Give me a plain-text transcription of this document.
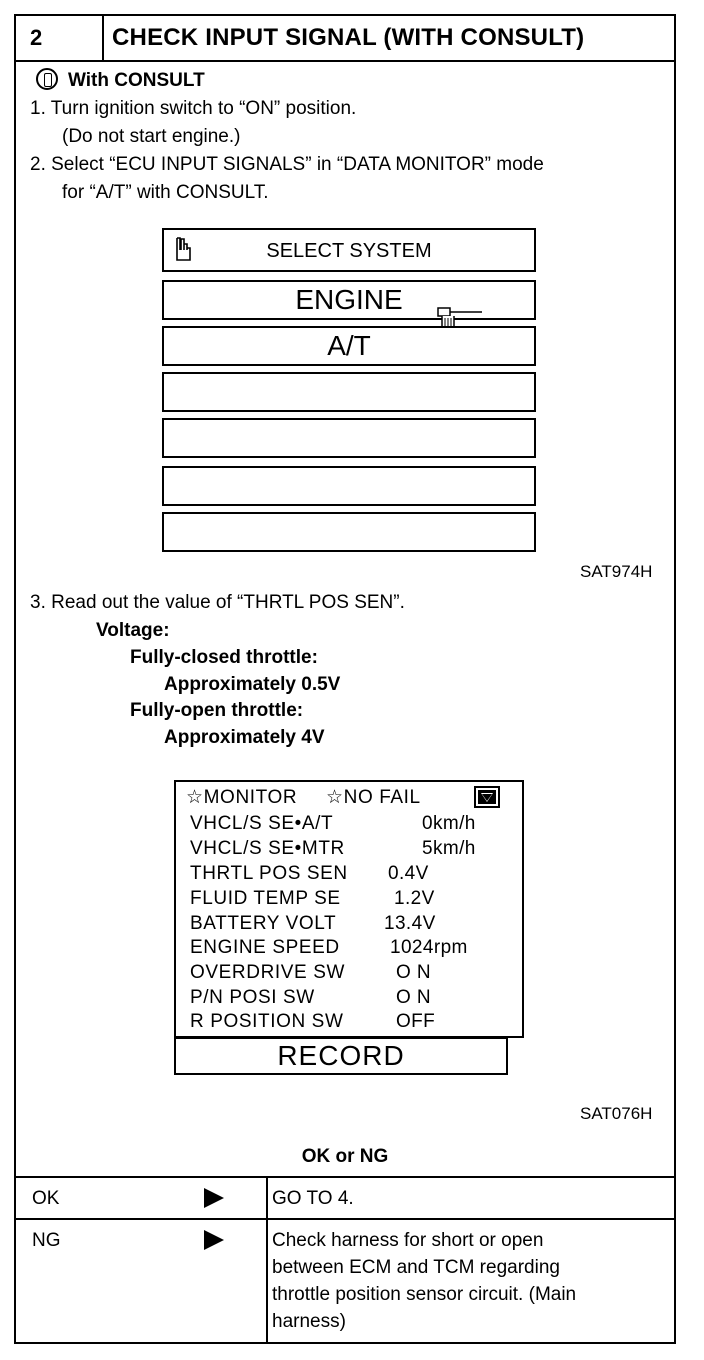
2	CHECK INPUT SIGNAL (WITH CONSULT)
With CONSULT
1. Turn ignition switch to “ON” position.
(Do not start engine.)
2. Select “ECU INPUT SIGNALS” in “DATA MONITOR” mode
for “A/T” with CONSULT.
SELECT SYSTEM
ENGINE
A/T
SAT974H
3. Read out the value of “THRTL POS SEN”.
Voltage:
Fully-closed throttle:
Approximately 0.5V
Fully-open throttle:
Approximately 4V
☆MONITOR ☆NO FAIL
VHCL/S SE•A/T	0km/h
VHCL/S SE•MTR	5km/h
THRTL POS SEN 0.4V
FLUID TEMP SE	1.2V
BATTERY VOLT	13.4V
ENGINE SPEED	1024rpm
OVERDRIVE SW	O N
P/N POSI SW	O N
R POSITION SW	OFF
RECORD
SAT076H
OK or NG
OK	GO TO 4.
NG	Check harness for short or open
between ECM and TCM regarding
throttle position sensor circuit. (Main
harness)
